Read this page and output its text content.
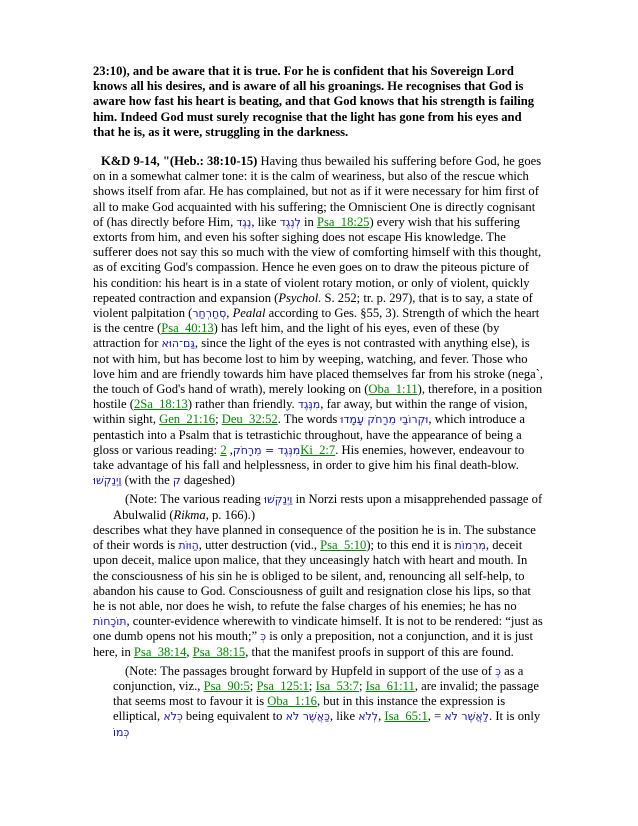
23:10), and be aware that it is true. For he is confident that his Sovereign Lord knows all his desires, and is aware of all his groanings. He recognises that God is aware how fast his heart is beating, and that God knows that his strength is failing him. Indeed God must surely recognise that the light has gone from his eyes and that he is, as it were, struggling in the darkness.

K&D 9-14, "(Heb.: 38:10-15) Having thus bewailed his suffering before God, he goes on in a somewhat calmer tone: it is the calm of weariness, but also of the rescue which shows itself from afar. He has complained, but not as if it were necessary for him first of all to make God acquainted with his suffering; the Omniscient One is directly cognisant of (has directly before Him, נֶגֶד, like לְנֶגֶד in Psa_18:25) every wish that his suffering extorts from him, and even his softer sighing does not escape His knowledge. The sufferer does not say this so much with the view of comforting himself with this thought, as of exciting God's compassion. Hence he even goes on to draw the piteous picture of his condition: his heart is in a state of violent rotary motion, or only of violent, quickly repeated contraction and expansion (Psychol. S. 252; tr. p. 297), that is to say, a state of violent palpitation (סְחַרְחַר, Pealal according to Ges. §55, 3). Strength of which the heart is the centre (Psa_40:13) has left him, and the light of his eyes, even of these (by attraction for גַּם־הוּא, since the light of the eyes is not contrasted with anything else), is not with him, but has become lost to him by weeping, watching, and fever. Those who love him and are friendly towards him have placed themselves far from his stroke (nega`, the touch of God's hand of wrath), merely looking on (Oba_1:11), therefore, in a position hostile (2Sa_18:13) rather than friendly. מִנֶּגֶד, far away, but within the range of vision, within sight, Gen_21:16; Deu_32:52. The words וּקְרוֹבַי מֵרָחֹק עָמָדוּ, which introduce a pentastich into a Psalm that is tetrastichic throughout, have the appearance of being a gloss or various reading: מִנֶּגֶד = מֵרָחֹק, 2Ki_2:7. His enemies, however, endeavour to take advantage of his fall and helplessness, in order to give him his final death-blow. וַיְנַקְשׁוּ (with the ק dageshed)

(Note: The various reading וַיְנַקְּשׁוּ in Norzi rests upon a misapprehended passage of Abulwalid (Rikma, p. 166).)

describes what they have planned in consequence of the position he is in. The substance of their words is הַוּוֹת, utter destruction (vid., Psa_5:10); to this end it is מִרְמוֹת, deceit upon deceit, malice upon malice, that they unceasingly hatch with heart and mouth. In the consciousness of his sin he is obliged to be silent, and, renouncing all self-help, to abandon his cause to God. Consciousness of guilt and resignation close his lips, so that he is not able, nor does he wish, to refute the false charges of his enemies; he has no תּוֹכָחוֹת, counter-evidence wherewith to vindicate himself. It is not to be rendered: “just as one dumb opens not his mouth;” כְּ is only a preposition, not a conjunction, and it is just here, in Psa_38:14, Psa_38:15, that the manifest proofs in support of this are found.

(Note: The passages brought forward by Hupfeld in support of the use of כְּ as a conjunction, viz., Psa_90:5; Psa_125:1; Isa_53:7; Isa_61:11, are invalid; the passage that seems most to favour it is Oba_1:16, but in this instance the expression is elliptical, כְּלֹא being equivalent to כַּאֲשֶׁר לֹא, like לְלֹא, Isa_65:1, = לַאֲשֶׁר לֹא. It is only כְּמוֹ
